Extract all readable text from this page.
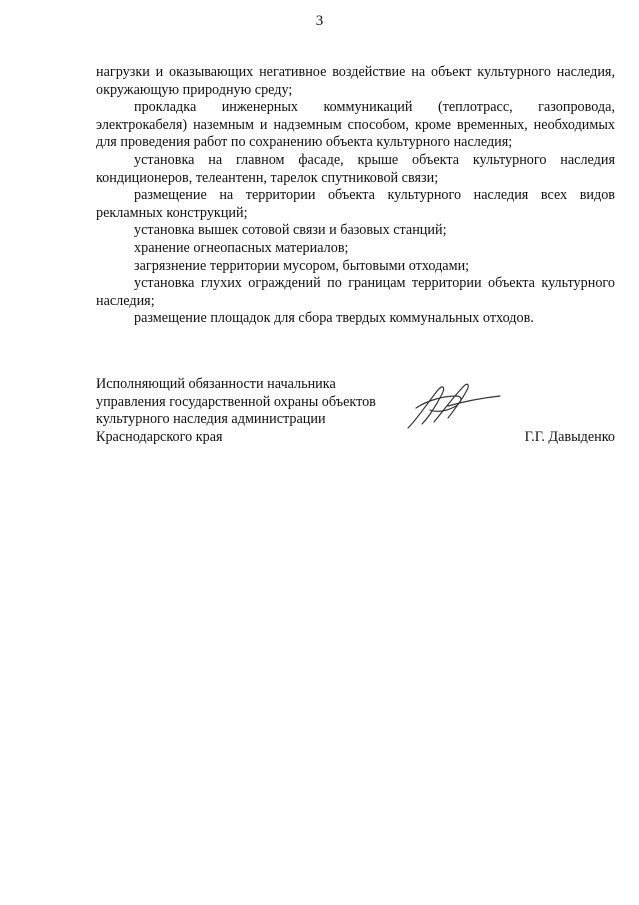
3

нагрузки и оказывающих негативное воздействие на объект культурного наследия, окружающую природную среду;

прокладка инженерных коммуникаций (теплотрасс, газопровода, электрокабеля) наземным и надземным способом, кроме временных, необходимых для проведения работ по сохранению объекта культурного наследия;

установка на главном фасаде, крыше объекта культурного наследия кондиционеров, телеантенн, тарелок спутниковой связи;

размещение на территории объекта культурного наследия всех видов рекламных конструкций;

установка вышек сотовой связи и базовых станций;

хранение огнеопасных материалов;

загрязнение территории мусором, бытовыми отходами;

установка глухих ограждений по границам территории объекта культурного наследия;

размещение площадок для сбора твердых коммунальных отходов.

Исполняющий обязанности начальника
управления государственной охраны объектов
культурного наследия администрации
Краснодарского края	Г.Г. Давыденко
